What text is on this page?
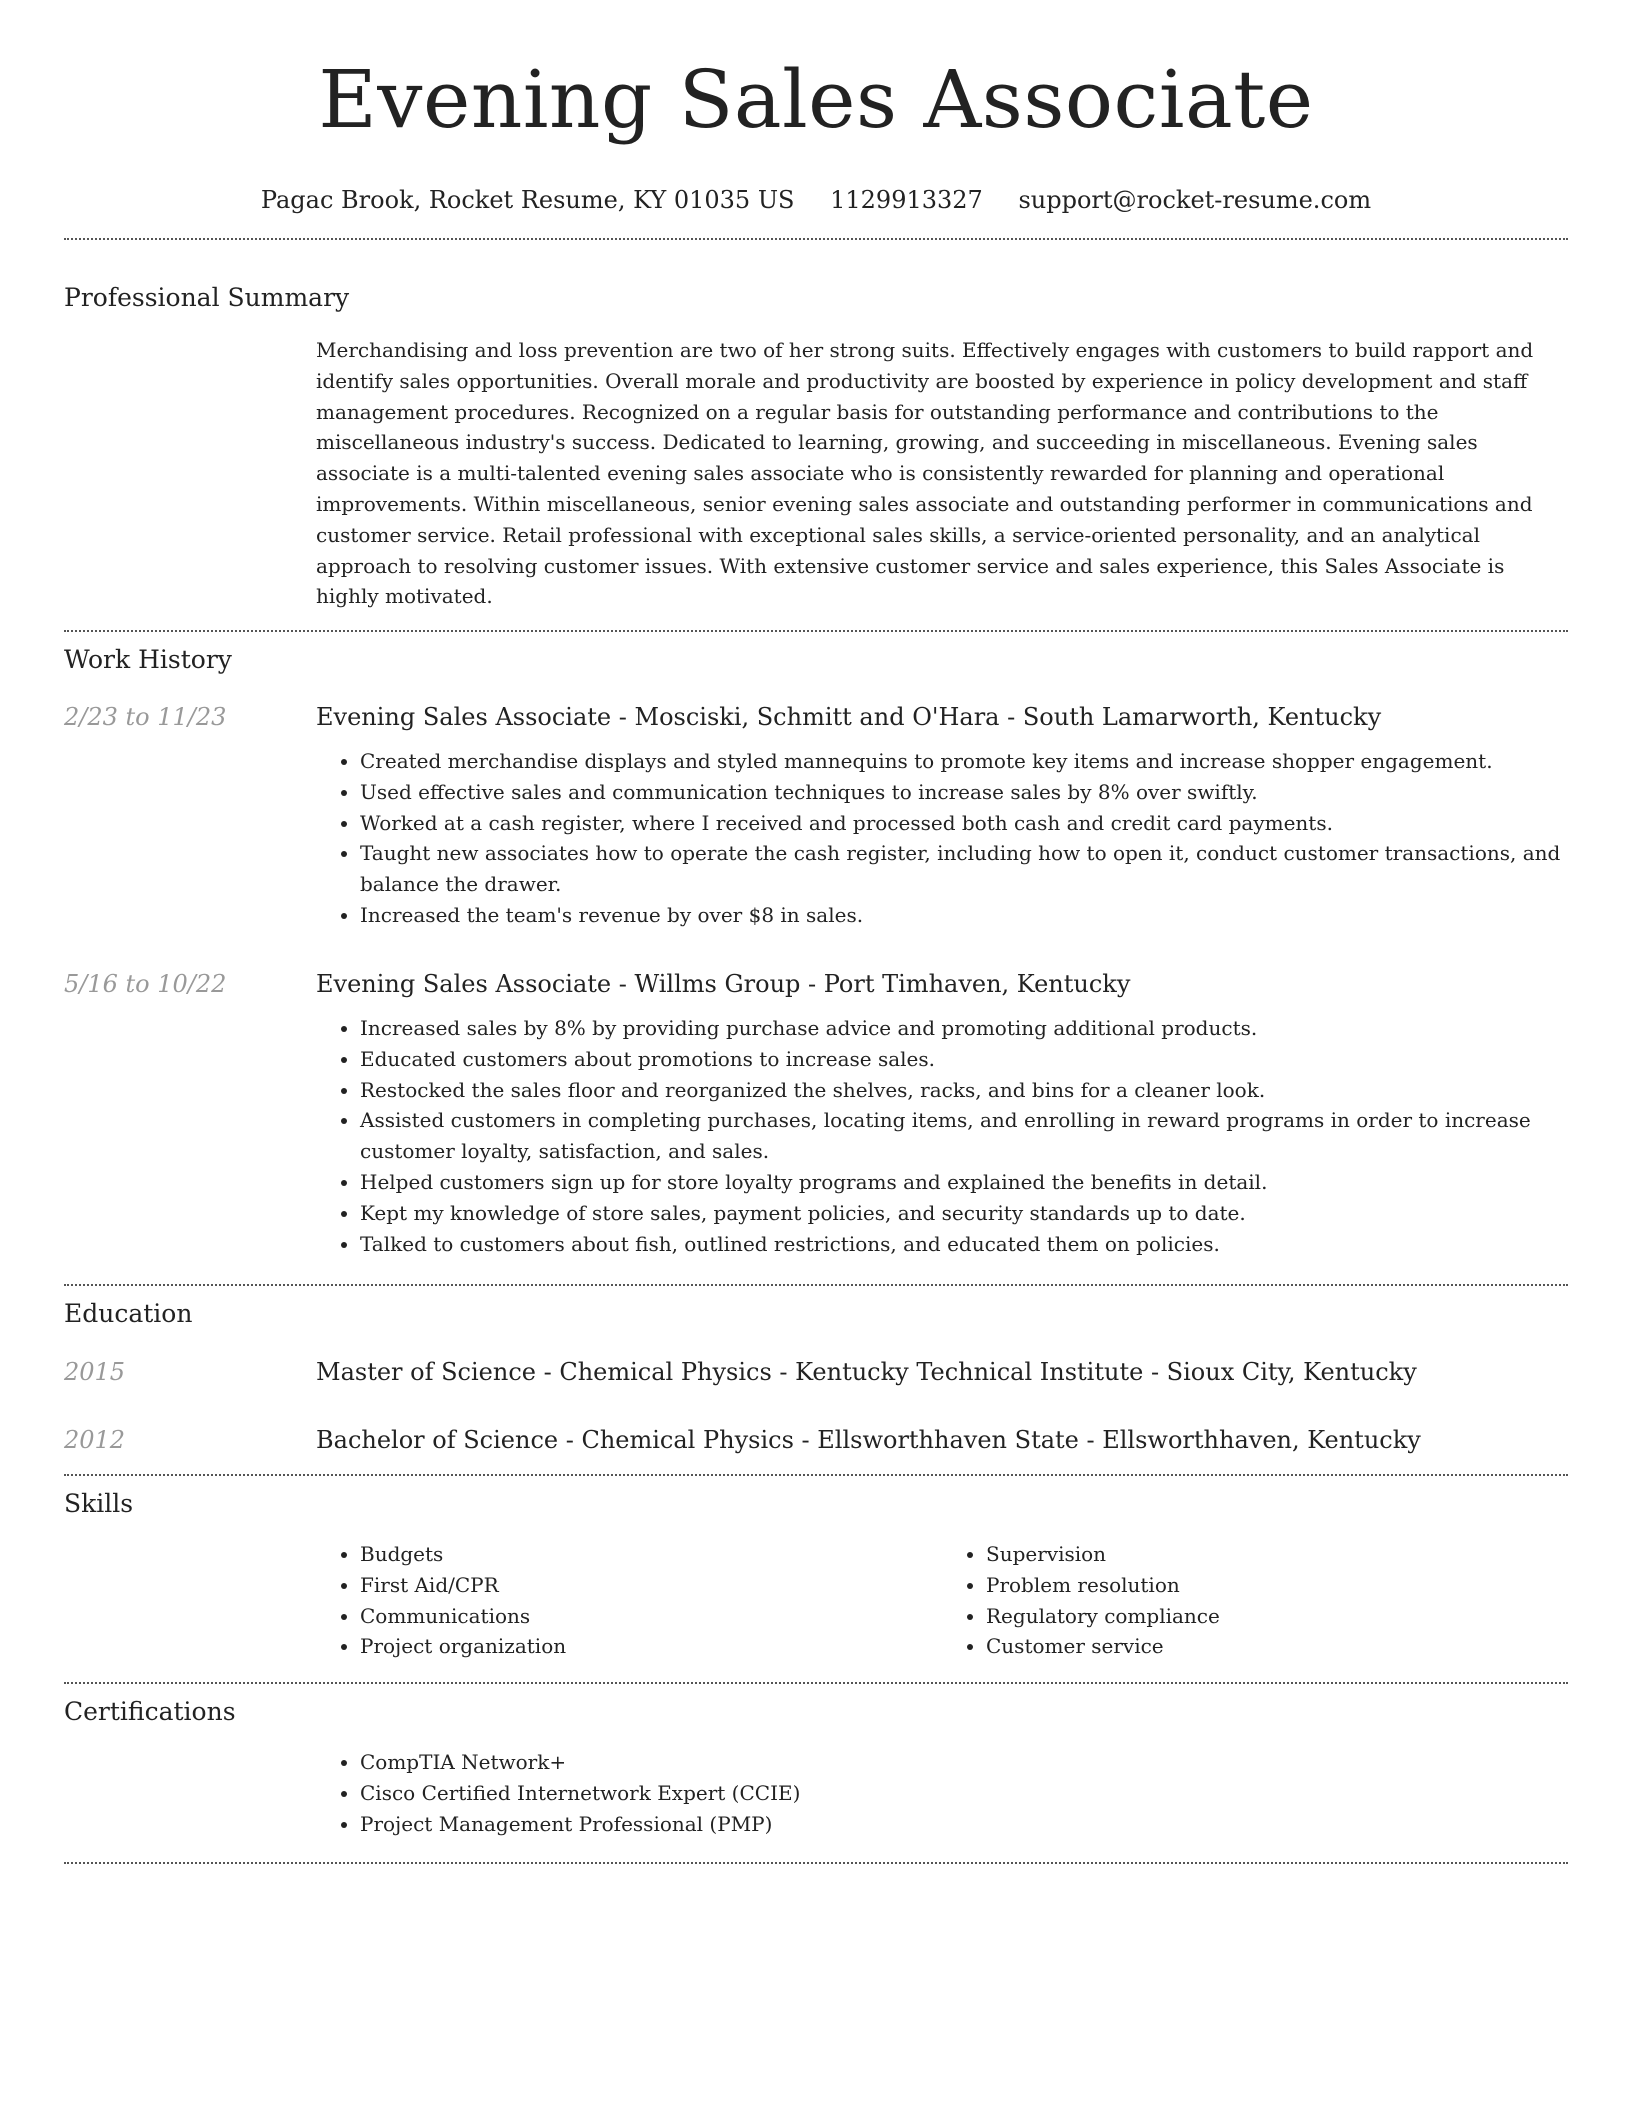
Evening Sales Associate
Pagac Brook, Rocket Resume, KY 01035 US 1129913327 support@rocket-resume.com
Professional Summary
Merchandising and loss prevention are two of her strong suits. Effectively engages with customers to build rapport and identify sales opportunities. Overall morale and productivity are boosted by experience in policy development and staff management procedures. Recognized on a regular basis for outstanding performance and contributions to the miscellaneous industry's success. Dedicated to learning, growing, and succeeding in miscellaneous. Evening sales associate is a multi-talented evening sales associate who is consistently rewarded for planning and operational improvements. Within miscellaneous, senior evening sales associate and outstanding performer in communications and customer service. Retail professional with exceptional sales skills, a service-oriented personality, and an analytical approach to resolving customer issues. With extensive customer service and sales experience, this Sales Associate is highly motivated.
Work History
2/23 to 11/23	Evening Sales Associate - Mosciski, Schmitt and O'Hara - South Lamarworth, Kentucky
• Created merchandise displays and styled mannequins to promote key items and increase shopper engagement.
• Used effective sales and communication techniques to increase sales by 8% over swiftly.
• Worked at a cash register, where I received and processed both cash and credit card payments.
• Taught new associates how to operate the cash register, including how to open it, conduct customer transactions, and balance the drawer.
• Increased the team's revenue by over $8 in sales.
5/16 to 10/22	Evening Sales Associate - Willms Group - Port Timhaven, Kentucky
• Increased sales by 8% by providing purchase advice and promoting additional products.
• Educated customers about promotions to increase sales.
• Restocked the sales floor and reorganized the shelves, racks, and bins for a cleaner look.
• Assisted customers in completing purchases, locating items, and enrolling in reward programs in order to increase customer loyalty, satisfaction, and sales.
• Helped customers sign up for store loyalty programs and explained the benefits in detail.
• Kept my knowledge of store sales, payment policies, and security standards up to date.
• Talked to customers about fish, outlined restrictions, and educated them on policies.
Education
2015	Master of Science - Chemical Physics - Kentucky Technical Institute - Sioux City, Kentucky
2012	Bachelor of Science - Chemical Physics - Ellsworthhaven State - Ellsworthhaven, Kentucky
Skills
• Budgets
• First Aid/CPR
• Communications
• Project organization
• Supervision
• Problem resolution
• Regulatory compliance
• Customer service
Certifications
• CompTIA Network+
• Cisco Certified Internetwork Expert (CCIE)
• Project Management Professional (PMP)
